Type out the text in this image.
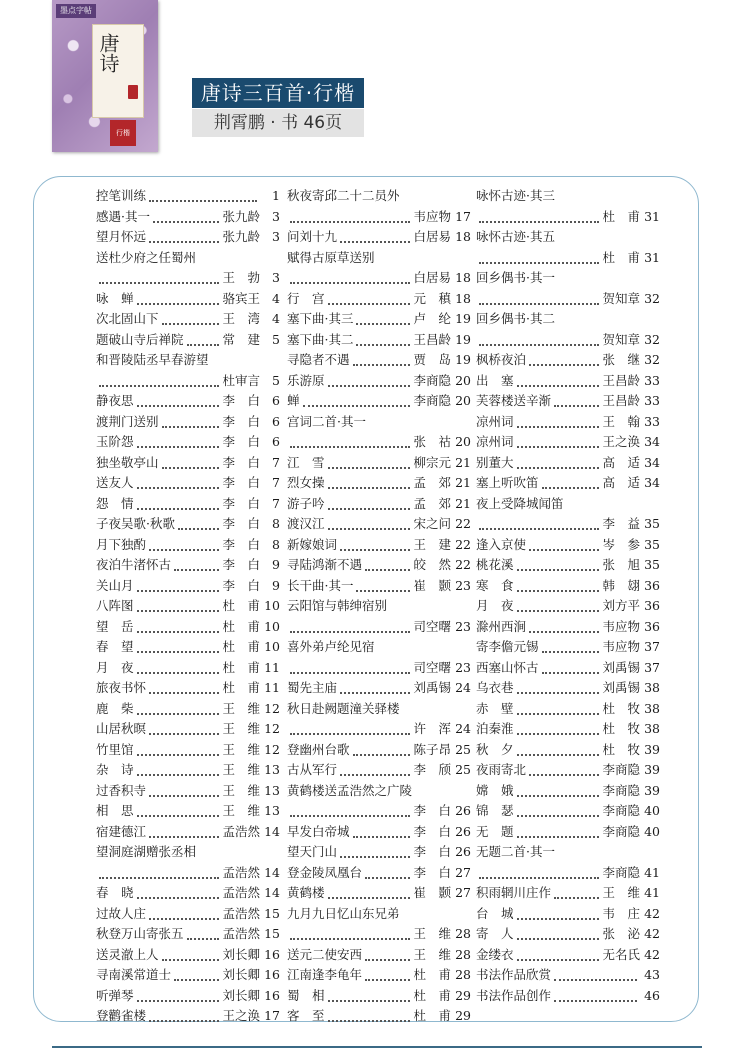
墨点字帖
唐诗
行楷
唐诗三百首·行楷
荆霄鹏 · 书 46页
控笔训练	1
感遇·其一	张九龄 3
望月怀远	张九龄 3
送杜少府之任蜀州
王　勃 3
咏　蝉	骆宾王 4
次北固山下	王　湾 4
题破山寺后禅院	常　建 5
和晋陵陆丞早春游望
杜审言 5
静夜思	李　白 6
渡荆门送别	李　白 6
玉阶怨	李　白 6
独坐敬亭山	李　白 7
送友人	李　白 7
怨　情	李　白 7
子夜吴歌·秋歌	李　白 8
月下独酌	李　白 8
夜泊牛渚怀古	李　白 9
关山月	李　白 9
八阵图	杜　甫 10
望　岳	杜　甫 10
春　望	杜　甫 10
月　夜	杜　甫 11
旅夜书怀	杜　甫 11
鹿　柴	王　维 12
山居秋暝	王　维 12
竹里馆	王　维 12
杂　诗	王　维 13
过香积寺	王　维 13
相　思	王　维 13
宿建德江	孟浩然 14
望洞庭湖赠张丞相
孟浩然 14
春　晓	孟浩然 14
过故人庄	孟浩然 15
秋登万山寄张五	孟浩然 15
送灵澈上人	刘长卿 16
寻南溪常道士	刘长卿 16
听弹琴	刘长卿 16
登鹳雀楼	王之涣 17
秋夜寄邱二十二员外
韦应物 17
问刘十九	白居易 18
赋得古原草送别
白居易 18
行　宫	元　稹 18
塞下曲·其三	卢　纶 19
塞下曲·其二	王昌龄 19
寻隐者不遇	贾　岛 19
乐游原	李商隐 20
蝉	李商隐 20
宫词二首·其一
张　祜 20
江　雪	柳宗元 21
烈女操	孟　郊 21
游子吟	孟　郊 21
渡汉江	宋之问 22
新嫁娘词	王　建 22
寻陆鸿渐不遇	皎　然 22
长干曲·其一	崔　颢 23
云阳馆与韩绅宿别
司空曙 23
喜外弟卢纶见宿
司空曙 23
蜀先主庙	刘禹锡 24
秋日赴阙题潼关驿楼
许　浑 24
登幽州台歌	陈子昂 25
古从军行	李　颀 25
黄鹤楼送孟浩然之广陵
李　白 26
早发白帝城	李　白 26
望天门山	李　白 26
登金陵凤凰台	李　白 27
黄鹤楼	崔　颢 27
九月九日忆山东兄弟
王　维 28
送元二使安西	王　维 28
江南逢李龟年	杜　甫 28
蜀　相	杜　甫 29
客　至	杜　甫 29
咏怀古迹·其三
杜　甫 31
咏怀古迹·其五
杜　甫 31
回乡偶书·其一
贺知章 32
回乡偶书·其二
贺知章 32
枫桥夜泊	张　继 32
出　塞	王昌龄 33
芙蓉楼送辛渐	王昌龄 33
凉州词	王　翰 33
凉州词	王之涣 34
别董大	高　适 34
塞上听吹笛	高　适 34
夜上受降城闻笛
李　益 35
逢入京使	岑　参 35
桃花溪	张　旭 35
寒　食	韩　翃 36
月　夜	刘方平 36
滁州西涧	韦应物 36
寄李儋元锡	韦应物 37
西塞山怀古	刘禹锡 37
乌衣巷	刘禹锡 38
赤　壁	杜　牧 38
泊秦淮	杜　牧 38
秋　夕	杜　牧 39
夜雨寄北	李商隐 39
嫦　娥	李商隐 39
锦　瑟	李商隐 40
无　题	李商隐 40
无题二首·其一
李商隐 41
积雨辋川庄作	王　维 41
台　城	韦　庄 42
寄　人	张　泌 42
金缕衣	无名氏 42
书法作品欣赏	43
书法作品创作	46
